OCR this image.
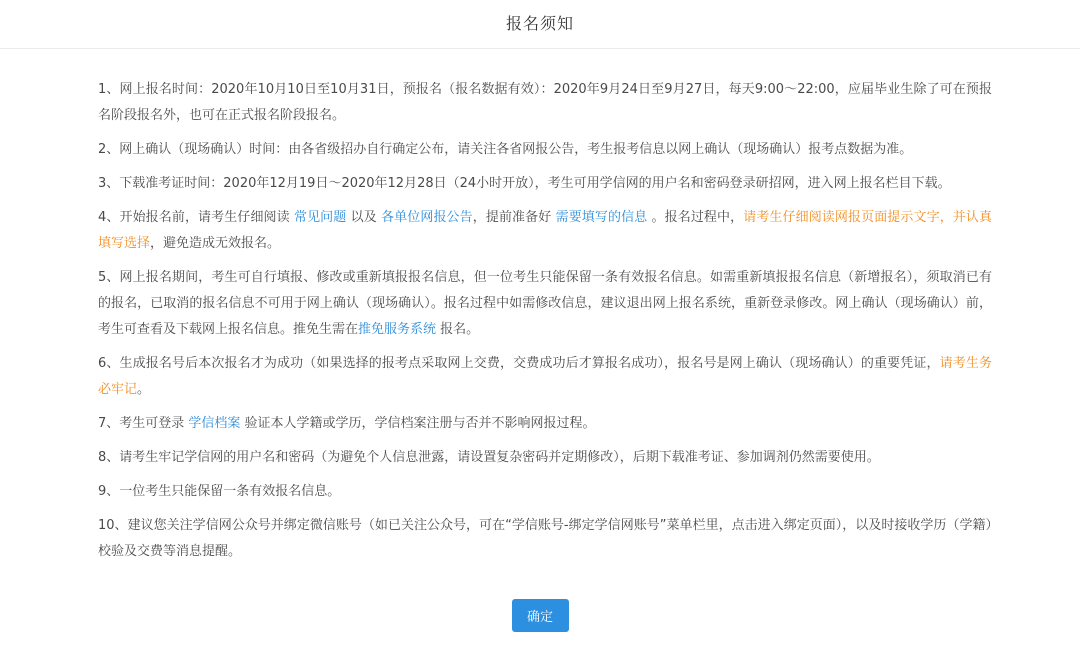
报名须知

1、网上报名时间：2020年10月10日至10月31日，预报名（报名数据有效）：2020年9月24日至9月27日，每天9:00～22:00，应届毕业生除了可在预报名阶段报名外，也可在正式报名阶段报名。

2、网上确认（现场确认）时间：由各省级招办自行确定公布，请关注各省网报公告，考生报考信息以网上确认（现场确认）报考点数据为准。

3、下载准考证时间：2020年12月19日～2020年12月28日（24小时开放），考生可用学信网的用户名和密码登录研招网，进入网上报名栏目下载。

4、开始报名前，请考生仔细阅读 常见问题 以及 各单位网报公告，提前准备好 需要填写的信息 。报名过程中，请考生仔细阅读网报页面提示文字，并认真填写选择，避免造成无效报名。

5、网上报名期间，考生可自行填报、修改或重新填报报名信息，但一位考生只能保留一条有效报名信息。如需重新填报报名信息（新增报名），须取消已有的报名，已取消的报名信息不可用于网上确认（现场确认）。报名过程中如需修改信息，建议退出网上报名系统，重新登录修改。网上确认（现场确认）前，考生可查看及下载网上报名信息。推免生需在推免服务系统 报名。

6、生成报名号后本次报名才为成功（如果选择的报考点采取网上交费，交费成功后才算报名成功），报名号是网上确认（现场确认）的重要凭证，请考生务必牢记。

7、考生可登录 学信档案 验证本人学籍或学历，学信档案注册与否并不影响网报过程。

8、请考生牢记学信网的用户名和密码（为避免个人信息泄露，请设置复杂密码并定期修改），后期下载准考证、参加调剂仍然需要使用。

9、一位考生只能保留一条有效报名信息。

10、建议您关注学信网公众号并绑定微信账号（如已关注公众号，可在“学信账号-绑定学信网账号”菜单栏里，点击进入绑定页面），以及时接收学历（学籍）校验及交费等消息提醒。

确定
